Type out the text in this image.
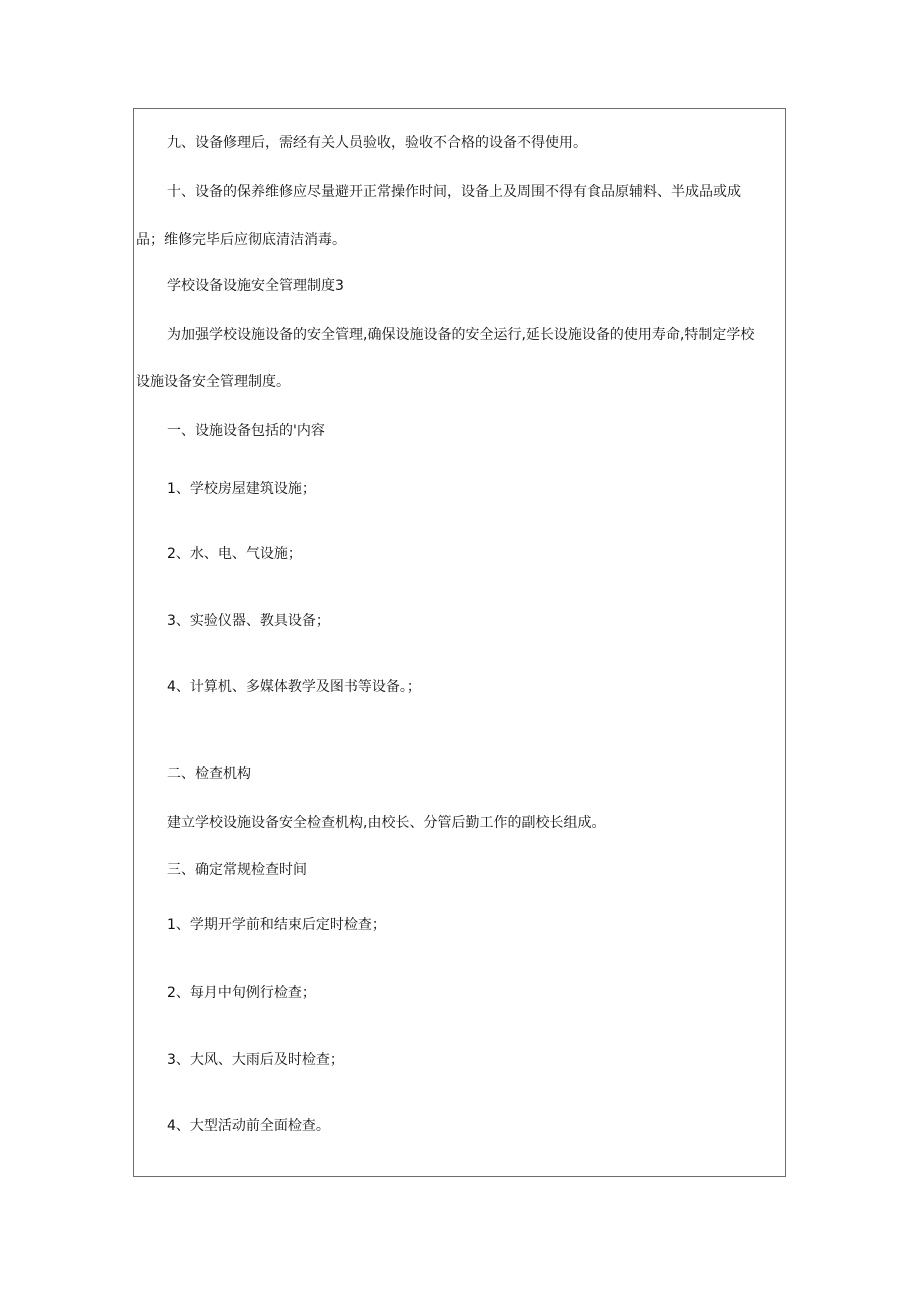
九、设备修理后，需经有关人员验收，验收不合格的设备不得使用。

十、设备的保养维修应尽量避开正常操作时间，设备上及周围不得有食品原辅料、半成品或成

品；维修完毕后应彻底清洁消毒。

学校设备设施安全管理制度3

为加强学校设施设备的安全管理,确保设施设备的安全运行,延长设施设备的使用寿命,特制定学校

设施设备安全管理制度。

一、设施设备包括的'内容

1、学校房屋建筑设施；

2、水、电、气设施；

3、实验仪器、教具设备；

4、计算机、多媒体教学及图书等设备。；

二、检查机构

建立学校设施设备安全检查机构,由校长、分管后勤工作的副校长组成。

三、确定常规检查时间

1、学期开学前和结束后定时检查；

2、每月中旬例行检查；

3、大风、大雨后及时检查；

4、大型活动前全面检查。
